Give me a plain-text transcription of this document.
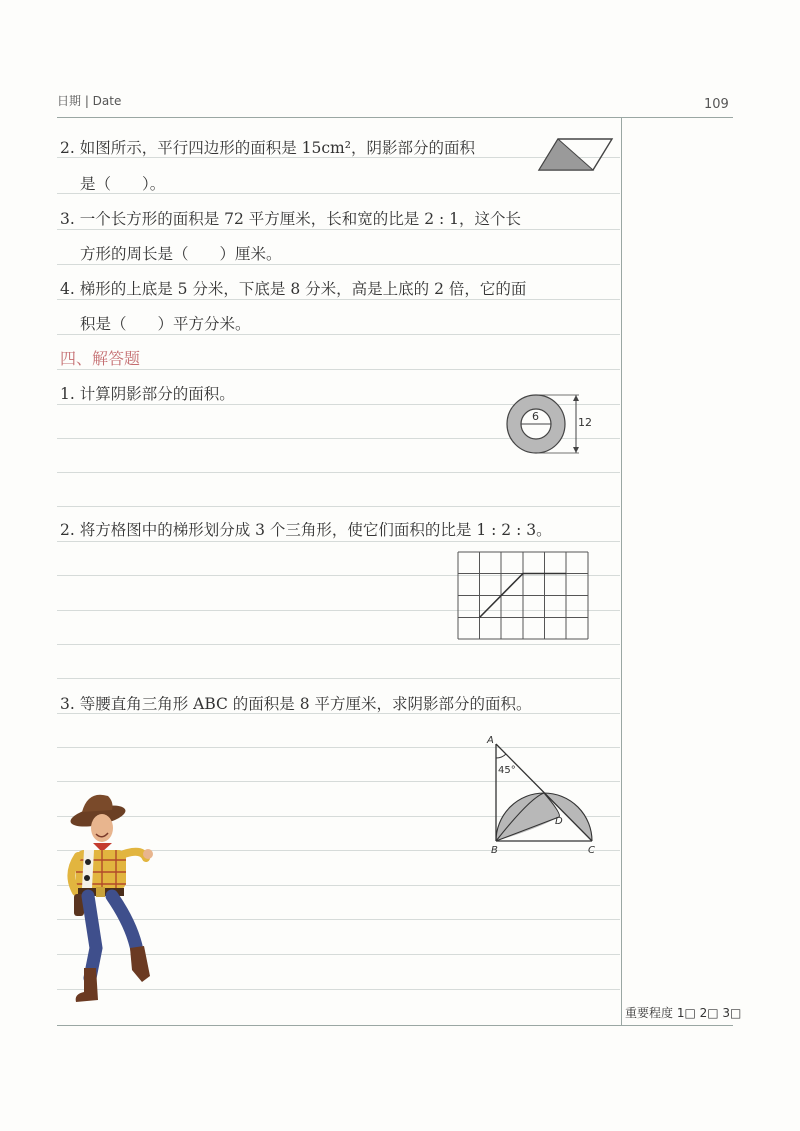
日期 | Date	109
2. 如图所示，平行四边形的面积是 15cm²，阴影部分的面积
是（　　）。
3. 一个长方形的面积是 72 平方厘米，长和宽的比是 2 : 1，这个长
方形的周长是（　　）厘米。
4. 梯形的上底是 5 分米，下底是 8 分米，高是上底的 2 倍，它的面
积是（　　）平方分米。
四、解答题
1. 计算阴影部分的面积。
6	12
2. 将方格图中的梯形划分成 3 个三角形，使它们面积的比是 1 : 2 : 3。
3. 等腰直角三角形 ABC 的面积是 8 平方厘米，求阴影部分的面积。
A
45°
D
B	C
重要程度 1□ 2□ 3□
